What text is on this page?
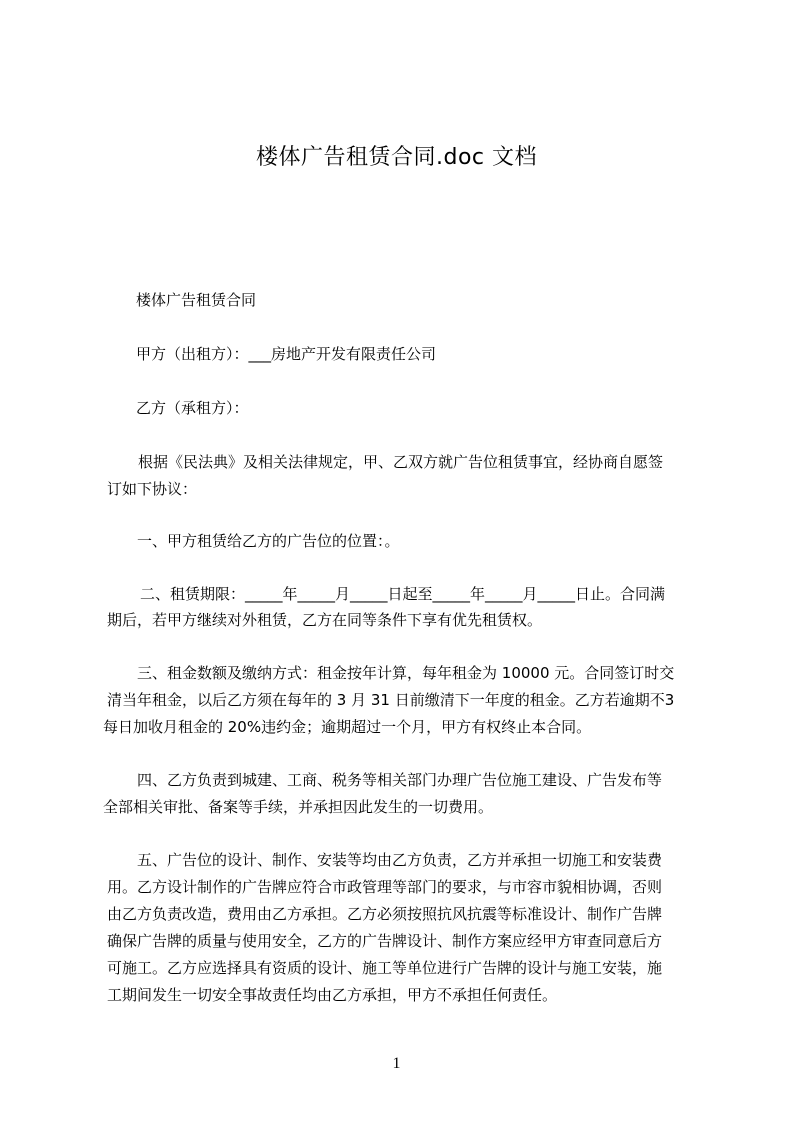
楼体广告租赁合同.doc 文档
楼体广告租赁合同
甲方（出租方）：___房地产开发有限责任公司
乙方（承租方）：
根据《民法典》及相关法律规定，甲、乙双方就广告位租赁事宜，经协商自愿签
订如下协议：
一、甲方租赁给乙方的广告位的位置：。
二、租赁期限：_____年_____月_____日起至_____年_____月_____日止。合同满
期后，若甲方继续对外租赁，乙方在同等条件下享有优先租赁权。
三、租金数额及缴纳方式：租金按年计算，每年租金为 10000 元。合同签订时交
清当年租金，以后乙方须在每年的 3 月 31 日前缴清下一年度的租金。乙方若逾期不3
每日加收月租金的 20%违约金；逾期超过一个月，甲方有权终止本合同。
四、乙方负责到城建、工商、税务等相关部门办理广告位施工建设、广告发布等
全部相关审批、备案等手续，并承担因此发生的一切费用。
五、广告位的设计、制作、安装等均由乙方负责，乙方并承担一切施工和安装费
用。乙方设计制作的广告牌应符合市政管理等部门的要求，与市容市貌相协调，否则
由乙方负责改造，费用由乙方承担。乙方必须按照抗风抗震等标准设计、制作广告牌
确保广告牌的质量与使用安全，乙方的广告牌设计、制作方案应经甲方审查同意后方
可施工。乙方应选择具有资质的设计、施工等单位进行广告牌的设计与施工安装，施
工期间发生一切安全事故责任均由乙方承担，甲方不承担任何责任。
1
